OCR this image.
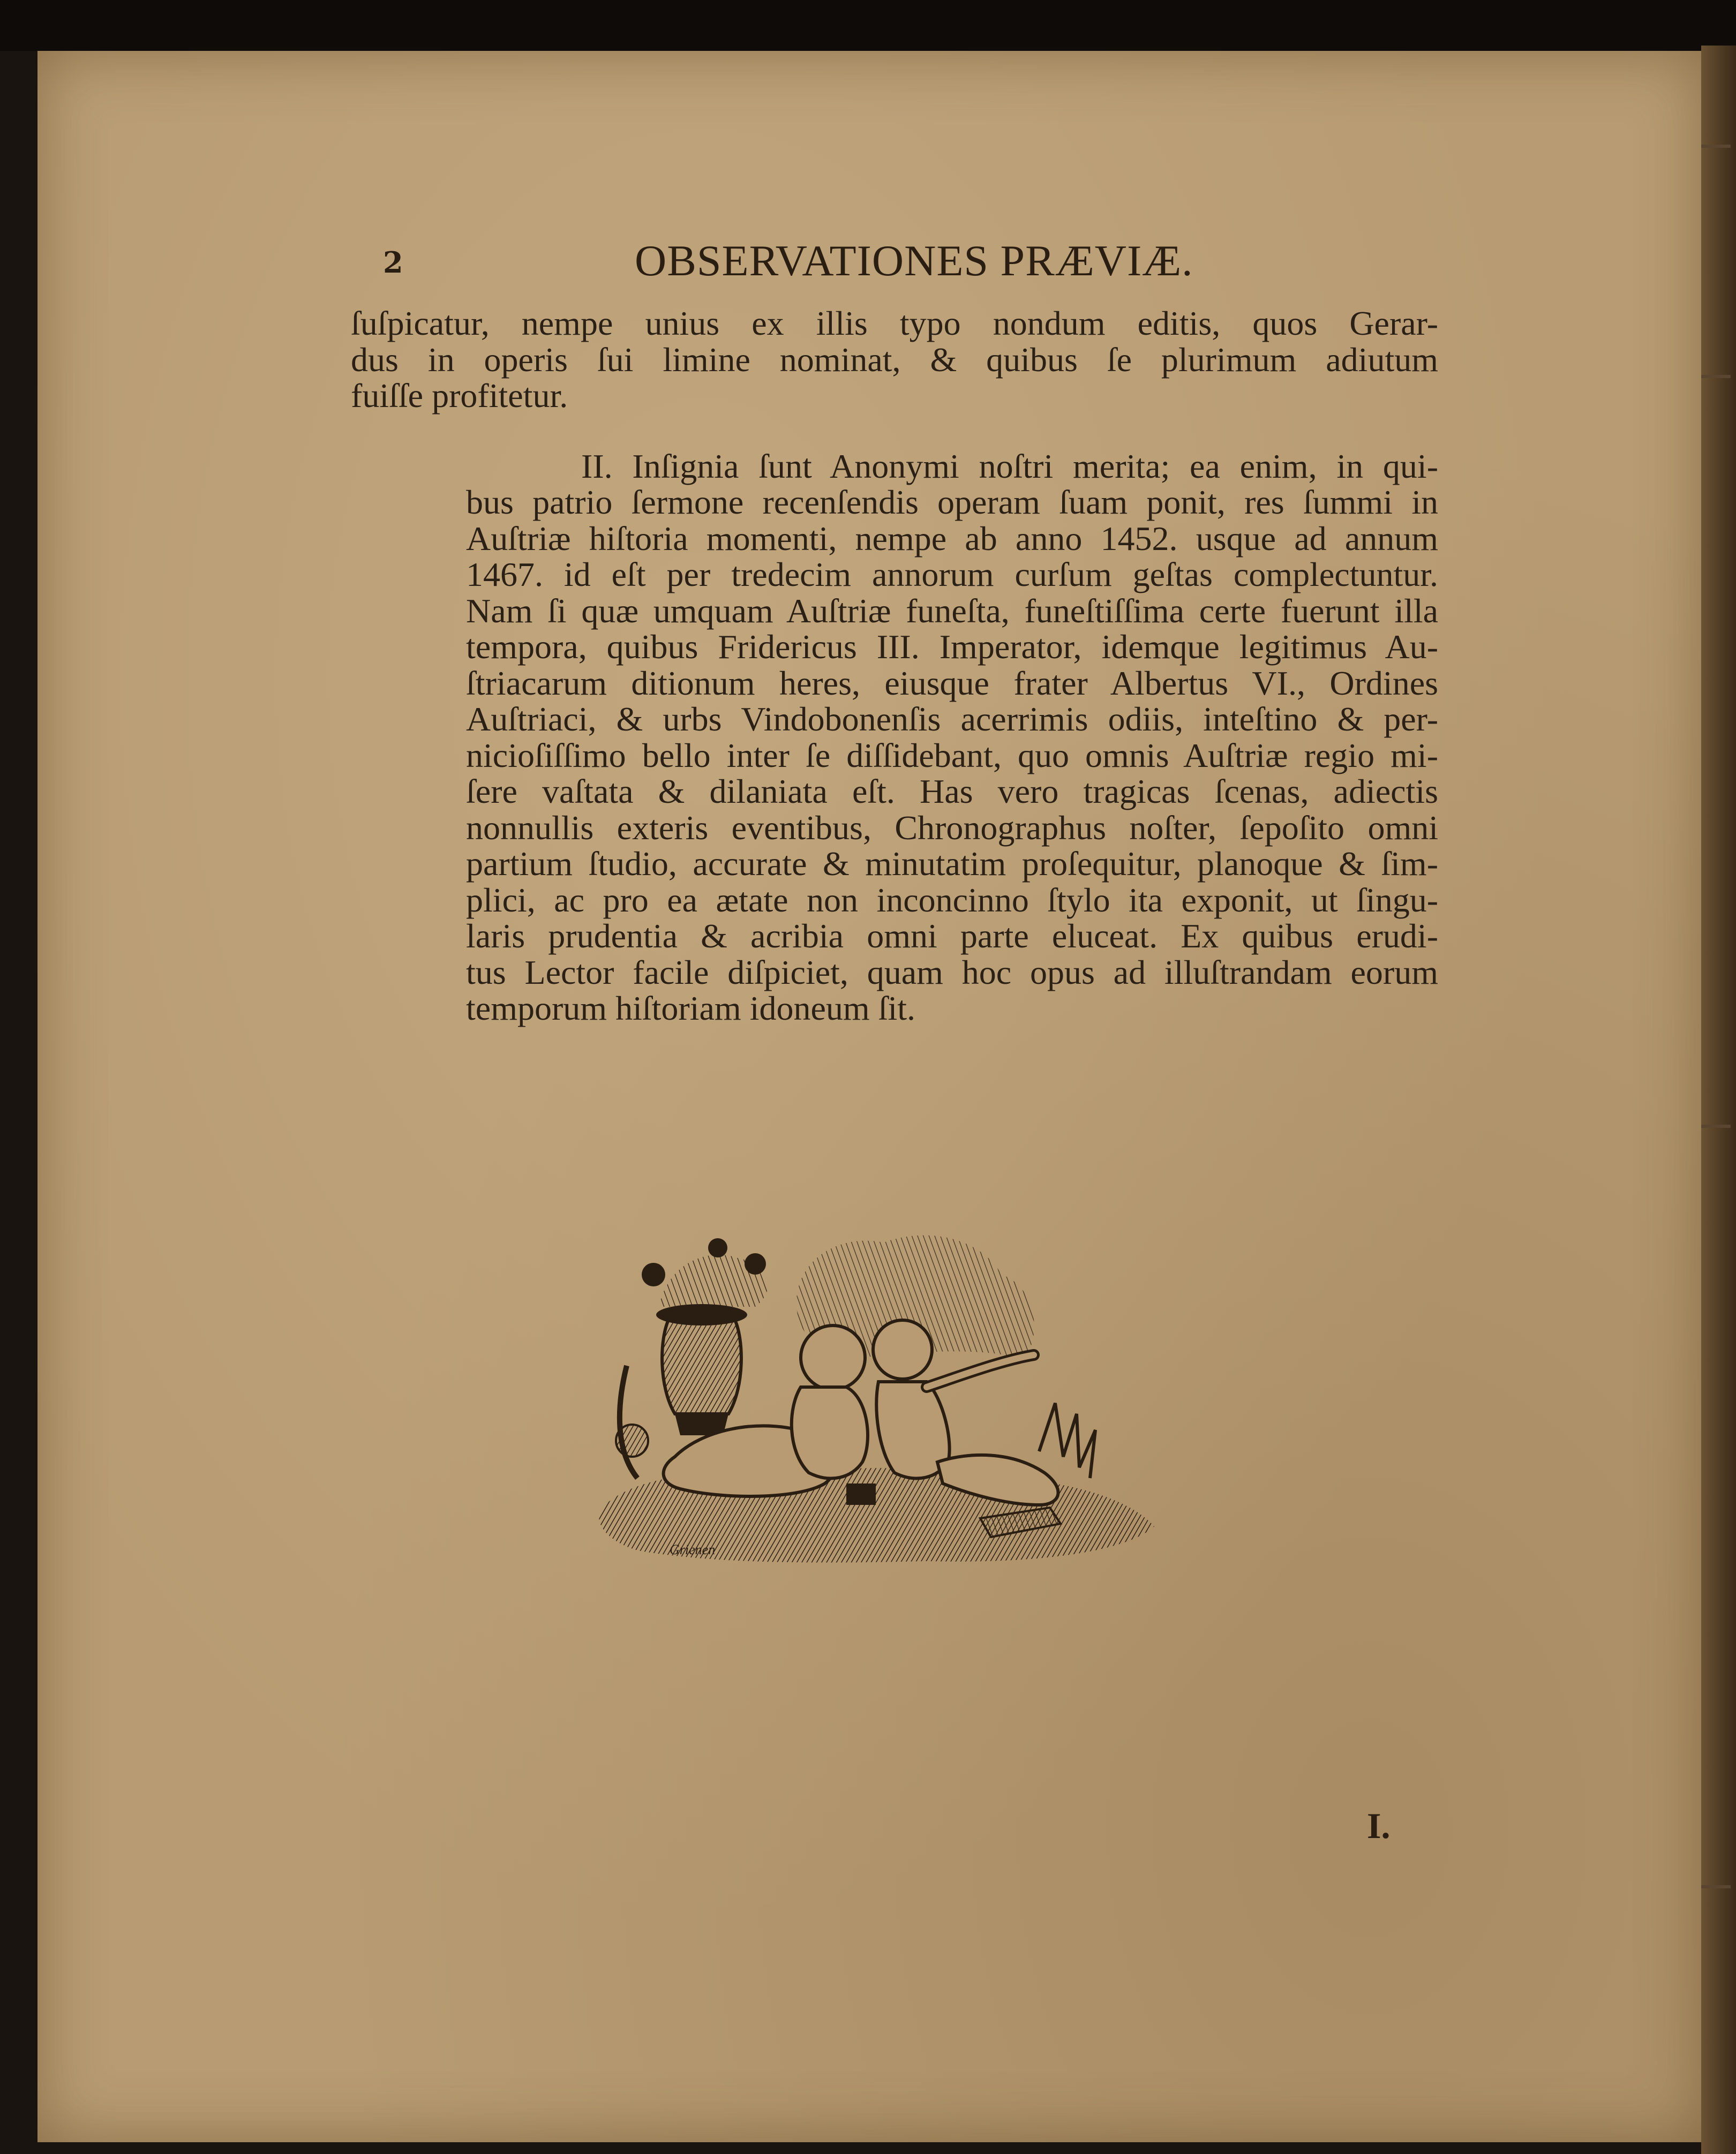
2	OBSERVATIONES PRÆVIÆ.

ſuſpicatur, nempe unius ex illis typo nondum editis, quos Gerar-
dus in operis ſui limine nominat, & quibus ſe plurimum adiutum
fuiſſe profitetur.

II. Inſignia ſunt Anonymi noſtri merita; ea enim, in qui-
bus patrio ſermone recenſendis operam ſuam ponit, res ſummi in
Auſtriæ hiſtoria momenti, nempe ab anno 1452. usque ad annum
1467. id eſt per tredecim annorum curſum geſtas complectuntur.
Nam ſi quæ umquam Auſtriæ funeſta, funeſtiſſima certe fuerunt illa
tempora, quibus Fridericus III. Imperator, idemque legitimus Au-
ſtriacarum ditionum heres, eiusque frater Albertus VI., Ordines
Auſtriaci, & urbs Vindobonenſis acerrimis odiis, inteſtino & per-
nicioſiſſimo bello inter ſe diſſidebant, quo omnis Auſtriæ regio mi-
ſere vaſtata & dilaniata eſt. Has vero tragicas ſcenas, adiectis
nonnullis exteris eventibus, Chronographus noſter, ſepoſito omni
partium ſtudio, accurate & minutatim proſequitur, planoque & ſim-
plici, ac pro ea ætate non inconcinno ſtylo ita exponit, ut ſingu-
laris prudentia & acribia omni parte eluceat. Ex quibus erudi-
tus Lector facile diſpiciet, quam hoc opus ad illuſtrandam eorum
temporum hiſtoriam idoneum ſit.

Grienen
I.
